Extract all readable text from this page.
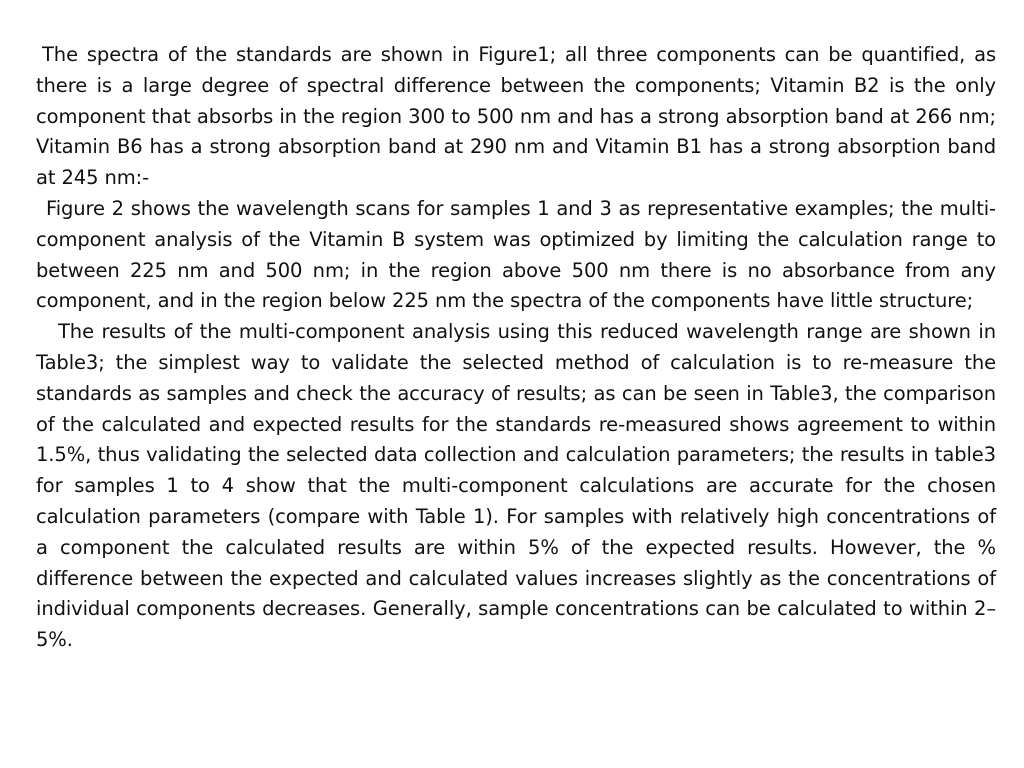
The spectra of the standards are shown in Figure1; all three components can be quantified, as there is a large degree of spectral difference between the components; Vitamin B2 is the only component that absorbs in the region 300 to 500 nm and has a strong absorption band at 266 nm; Vitamin B6 has a strong absorption band at 290 nm and Vitamin B1 has a strong absorption band at 245 nm:-

Figure 2 shows the wavelength scans for samples 1 and 3 as representative examples; the multi-component analysis of the Vitamin B system was optimized by limiting the calculation range to between 225 nm and 500 nm; in the region above 500 nm there is no absorbance from any component, and in the region below 225 nm the spectra of the components have little structure;

The results of the multi-component analysis using this reduced wavelength range are shown in Table3; the simplest way to validate the selected method of calculation is to re-measure the standards as samples and check the accuracy of results; as can be seen in Table3, the comparison of the calculated and expected results for the standards re-measured shows agreement to within 1.5%, thus validating the selected data collection and calculation parameters; the results in table3 for samples 1 to 4 show that the multi-component calculations are accurate for the chosen calculation parameters (compare with Table 1). For samples with relatively high concentrations of a component the calculated results are within 5% of the expected results. However, the % difference between the expected and calculated values increases slightly as the concentrations of individual components decreases. Generally, sample concentrations can be calculated to within 2–5%.
